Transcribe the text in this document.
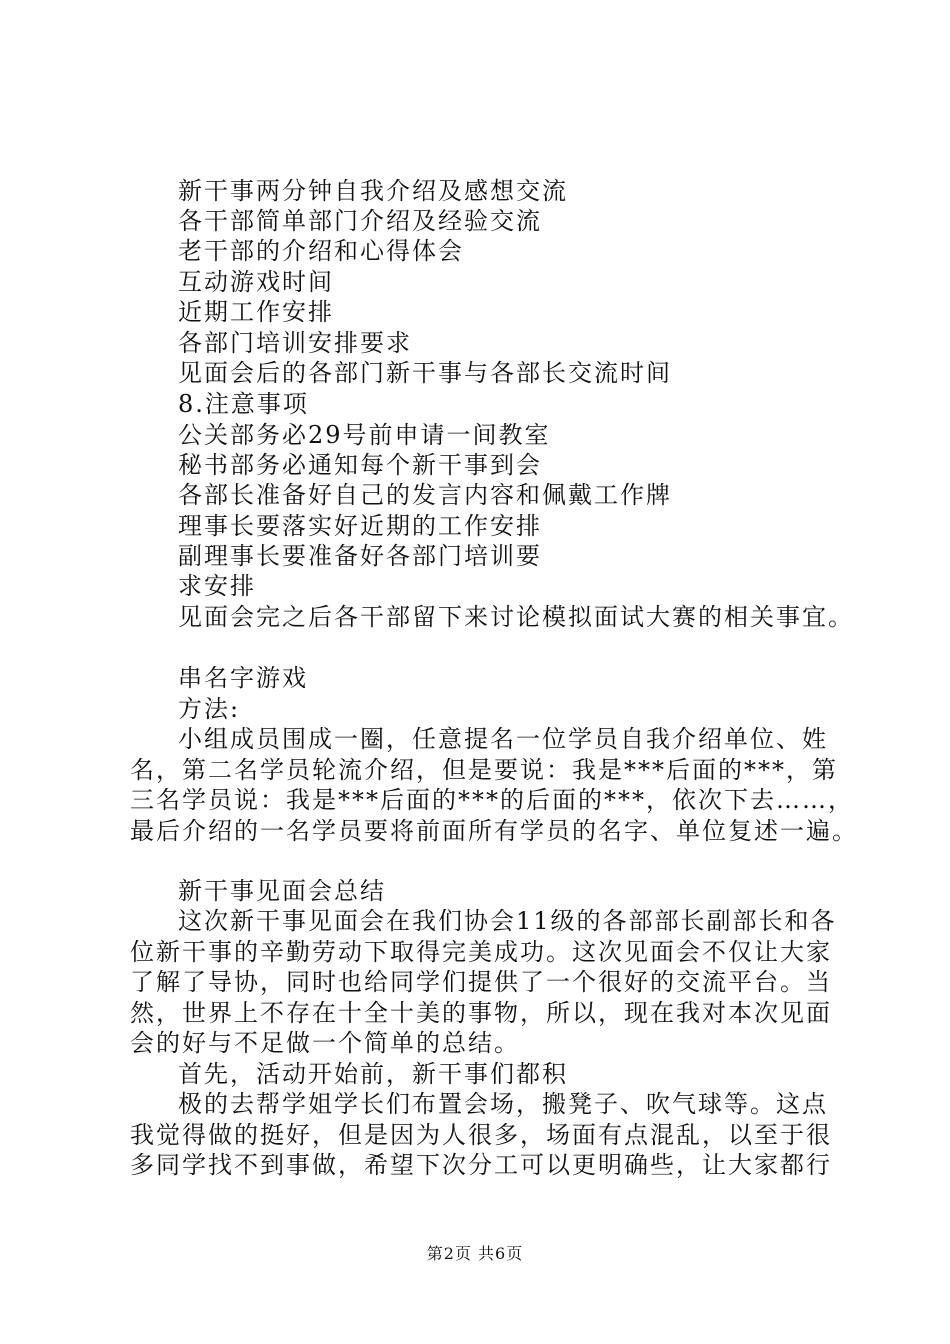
新干事两分钟自我介绍及感想交流
各干部简单部门介绍及经验交流
老干部的介绍和心得体会
互动游戏时间
近期工作安排
各部门培训安排要求
见面会后的各部门新干事与各部长交流时间
8.注意事项
公关部务必29号前申请一间教室
秘书部务必通知每个新干事到会
各部长准备好自己的发言内容和佩戴工作牌
理事长要落实好近期的工作安排
副理事长要准备好各部门培训要
求安排
见面会完之后各干部留下来讨论模拟面试大赛的相关事宜。
串名字游戏
方法:
小组成员围成一圈，任意提名一位学员自我介绍单位、姓
名，第二名学员轮流介绍，但是要说：我是***后面的***，第
三名学员说：我是***后面的***的后面的***，依次下去……，
最后介绍的一名学员要将前面所有学员的名字、单位复述一遍。
新干事见面会总结
这次新干事见面会在我们协会11级的各部部长副部长和各
位新干事的辛勤劳动下取得完美成功。这次见面会不仅让大家
了解了导协，同时也给同学们提供了一个很好的交流平台。当
然，世界上不存在十全十美的事物，所以，现在我对本次见面
会的好与不足做一个简单的总结。
首先，活动开始前，新干事们都积
极的去帮学姐学长们布置会场，搬凳子、吹气球等。这点
我觉得做的挺好，但是因为人很多，场面有点混乱，以至于很
多同学找不到事做，希望下次分工可以更明确些，让大家都行
第2页 共6页
